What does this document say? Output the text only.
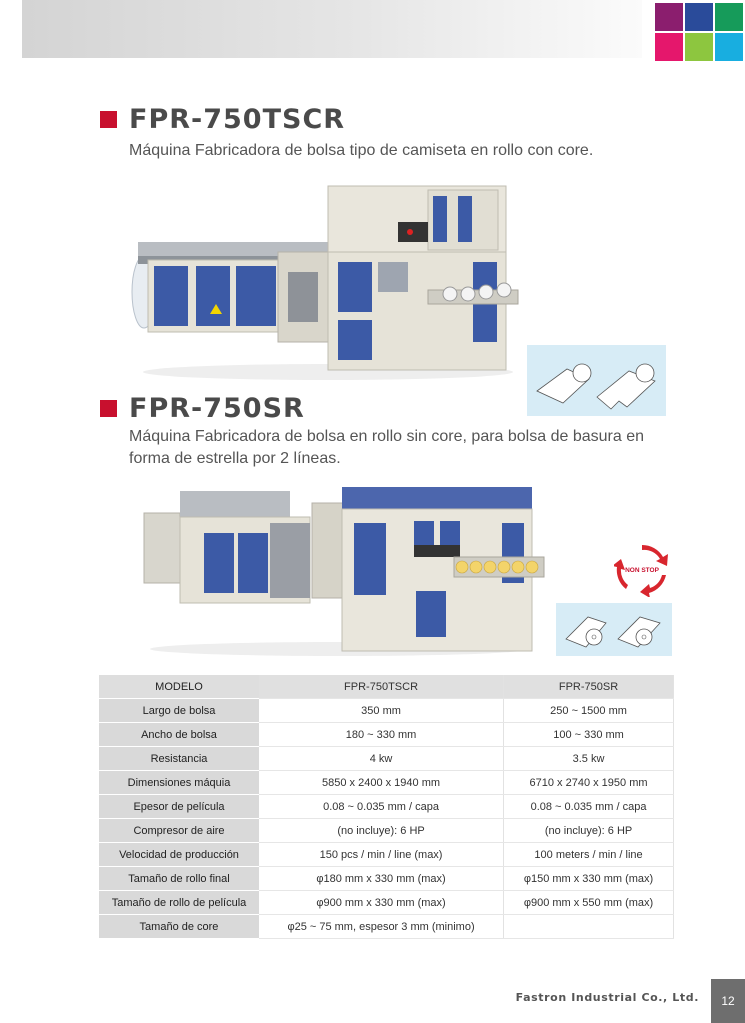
FPR-750TSCR
Máquina Fabricadora de bolsa tipo de camiseta en rollo con core.
FPR-750SR
Máquina Fabricadora de bolsa en rollo sin core, para bolsa de basura en forma de estrella por 2 líneas.
NON STOP
MODELO	FPR-750TSCR	FPR-750SR
Largo de bolsa	350 mm	250 ~ 1500 mm
Ancho de bolsa	180 ~ 330 mm	100 ~ 330 mm
Resistancia	4 kw	3.5 kw
Dimensiones máquia	5850 x 2400 x 1940 mm	6710 x 2740 x 1950 mm
Epesor de película	0.08 ~ 0.035 mm / capa	0.08 ~ 0.035 mm / capa
Compresor de aire	(no incluye): 6 HP	(no incluye): 6 HP
Velocidad de producción	150 pcs / min / line (max)	100 meters / min / line
Tamaño de rollo final	φ180 mm x 330 mm (max)	φ150 mm x 330 mm (max)
Tamaño de rollo de película	φ900 mm x 330 mm (max)	φ900 mm x 550 mm (max)
Tamaño de core	φ25 ~ 75 mm, espesor 3 mm (minimo)	
Fastron Industrial Co., Ltd.	12
